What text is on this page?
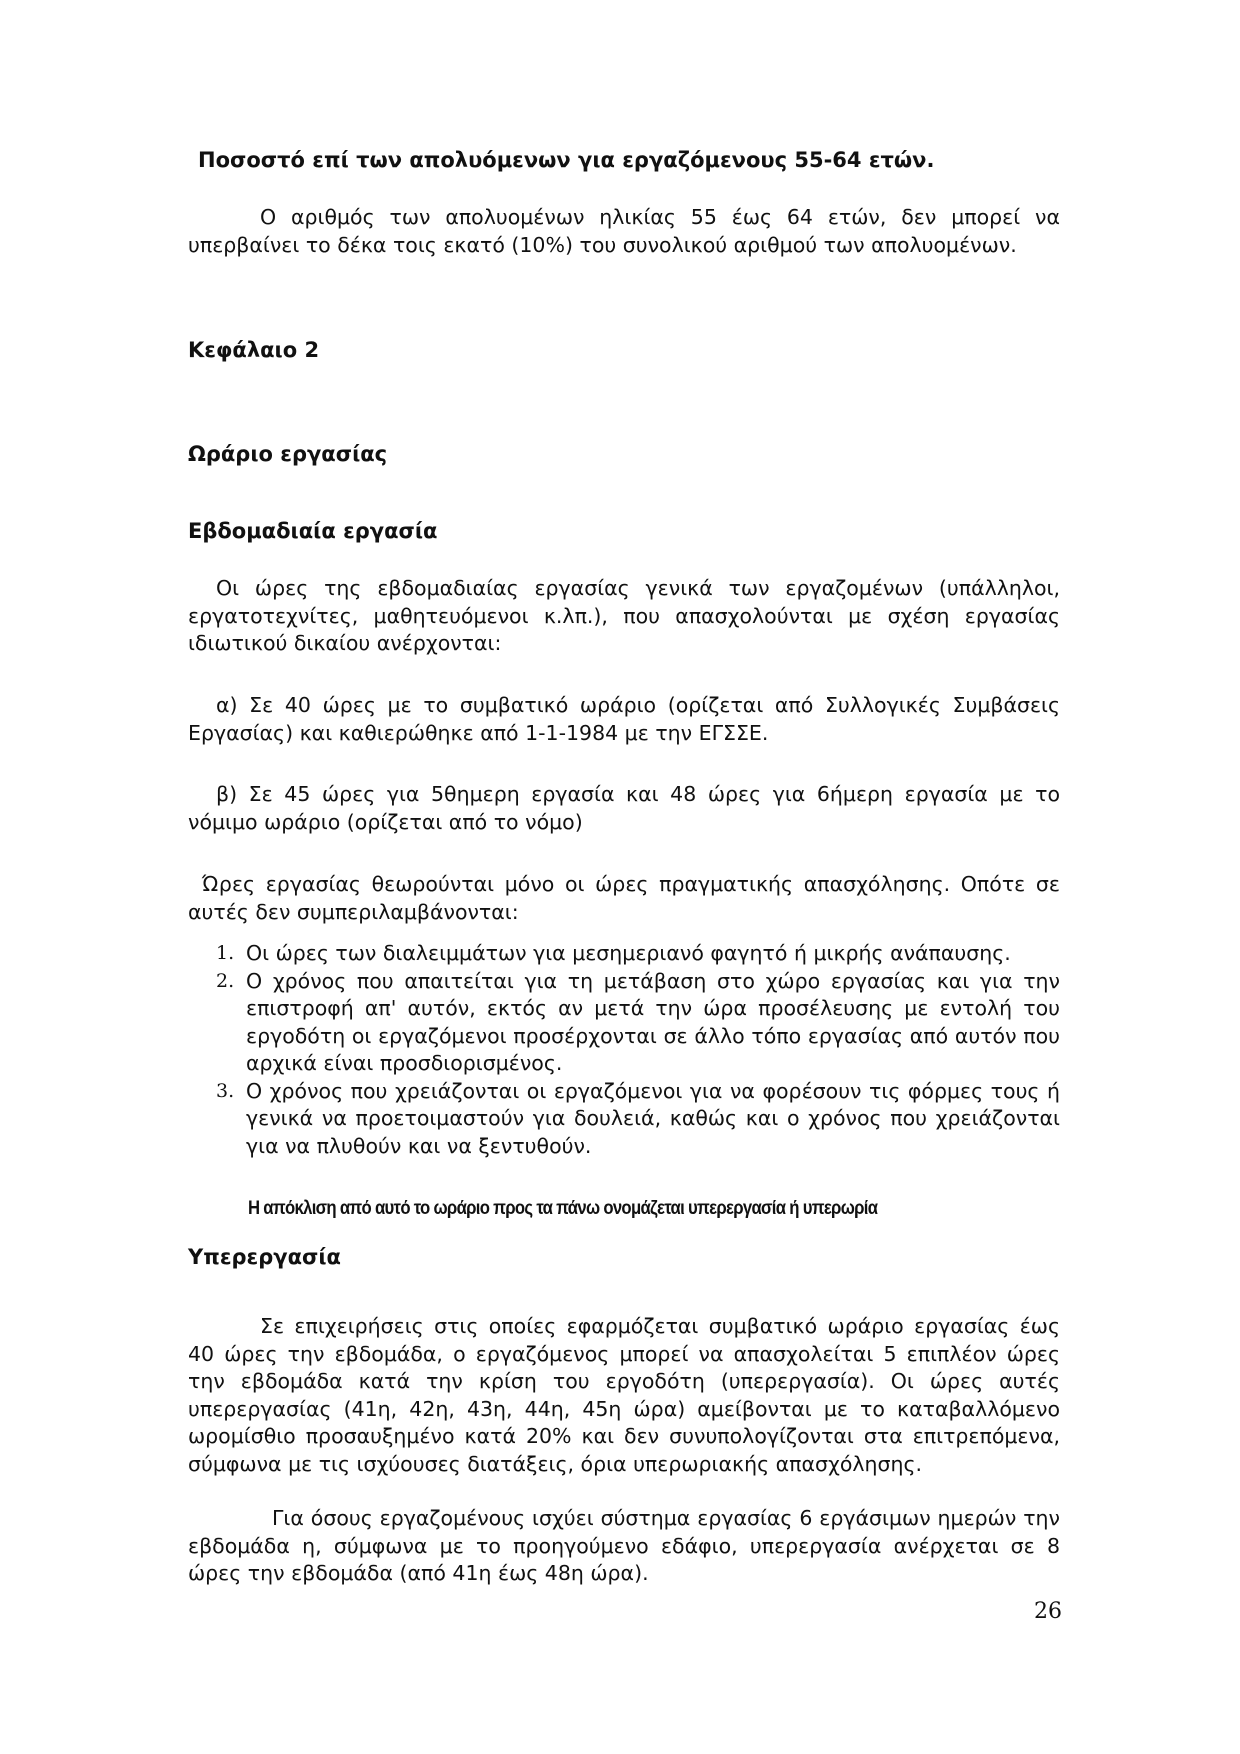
Ποσοστό επί των απολυόμενων για εργαζόμενους 55-64 ετών.

Ο αριθμός των απολυομένων ηλικίας 55 έως 64 ετών, δεν μπορεί να υπερβαίνει το δέκα τοις εκατό (10%) του συνολικού αριθμού των απολυομένων.

Κεφάλαιο 2
Ωράριο εργασίας
Εβδομαδιαία εργασία

Οι ώρες της εβδομαδιαίας εργασίας γενικά των εργαζομένων (υπάλληλοι, εργατοτεχνίτες, μαθητευόμενοι κ.λπ.), που απασχολούνται με σχέση εργασίας ιδιωτικού δικαίου ανέρχονται:

α) Σε 40 ώρες με το συμβατικό ωράριο (ορίζεται από Συλλογικές Συμβάσεις Εργασίας) και καθιερώθηκε από 1-1-1984 με την ΕΓΣΣΕ.

β) Σε 45 ώρες για 5θημερη εργασία και 48 ώρες για 6ήμερη εργασία με το νόμιμο ωράριο (ορίζεται από το νόμο)

Ώρες εργασίας θεωρούνται μόνο οι ώρες πραγματικής απασχόλησης. Οπότε σε αυτές δεν συμπεριλαμβάνονται:

1. Οι ώρες των διαλειμμάτων για μεσημεριανό φαγητό ή μικρής ανάπαυσης.
2. Ο χρόνος που απαιτείται για τη μετάβαση στο χώρο εργασίας και για την επιστροφή απ' αυτόν, εκτός αν μετά την ώρα προσέλευσης με εντολή του εργοδότη οι εργαζόμενοι προσέρχονται σε άλλο τόπο εργασίας από αυτόν που αρχικά είναι προσδιορισμένος.
3. Ο χρόνος που χρειάζονται οι εργαζόμενοι για να φορέσουν τις φόρμες τους ή γενικά να προετοιμαστούν για δουλειά, καθώς και ο χρόνος που χρειάζονται για να πλυθούν και να ξεντυθούν.
Η απόκλιση από αυτό το ωράριο προς τα πάνω ονομάζεται υπερεργασία ή υπερωρία
Υπερεργασία

Σε επιχειρήσεις στις οποίες εφαρμόζεται συμβατικό ωράριο εργασίας έως 40 ώρες την εβδομάδα, ο εργαζόμενος μπορεί να απασχολείται 5 επιπλέον ώρες την εβδομάδα κατά την κρίση του εργοδότη (υπερεργασία). Οι ώρες αυτές υπερεργασίας (41η, 42η, 43η, 44η, 45η ώρα) αμείβονται με το καταβαλλόμενο ωρομίσθιο προσαυξημένο κατά 20% και δεν συνυπολογίζονται στα επιτρεπόμενα, σύμφωνα με τις ισχύουσες διατάξεις, όρια υπερωριακής απασχόλησης.

Για όσους εργαζομένους ισχύει σύστημα εργασίας 6 εργάσιμων ημερών την εβδομάδα η, σύμφωνα με το προηγούμενο εδάφιο, υπερεργασία ανέρχεται σε 8 ώρες την εβδομάδα (από 41η έως 48η ώρα).

26
